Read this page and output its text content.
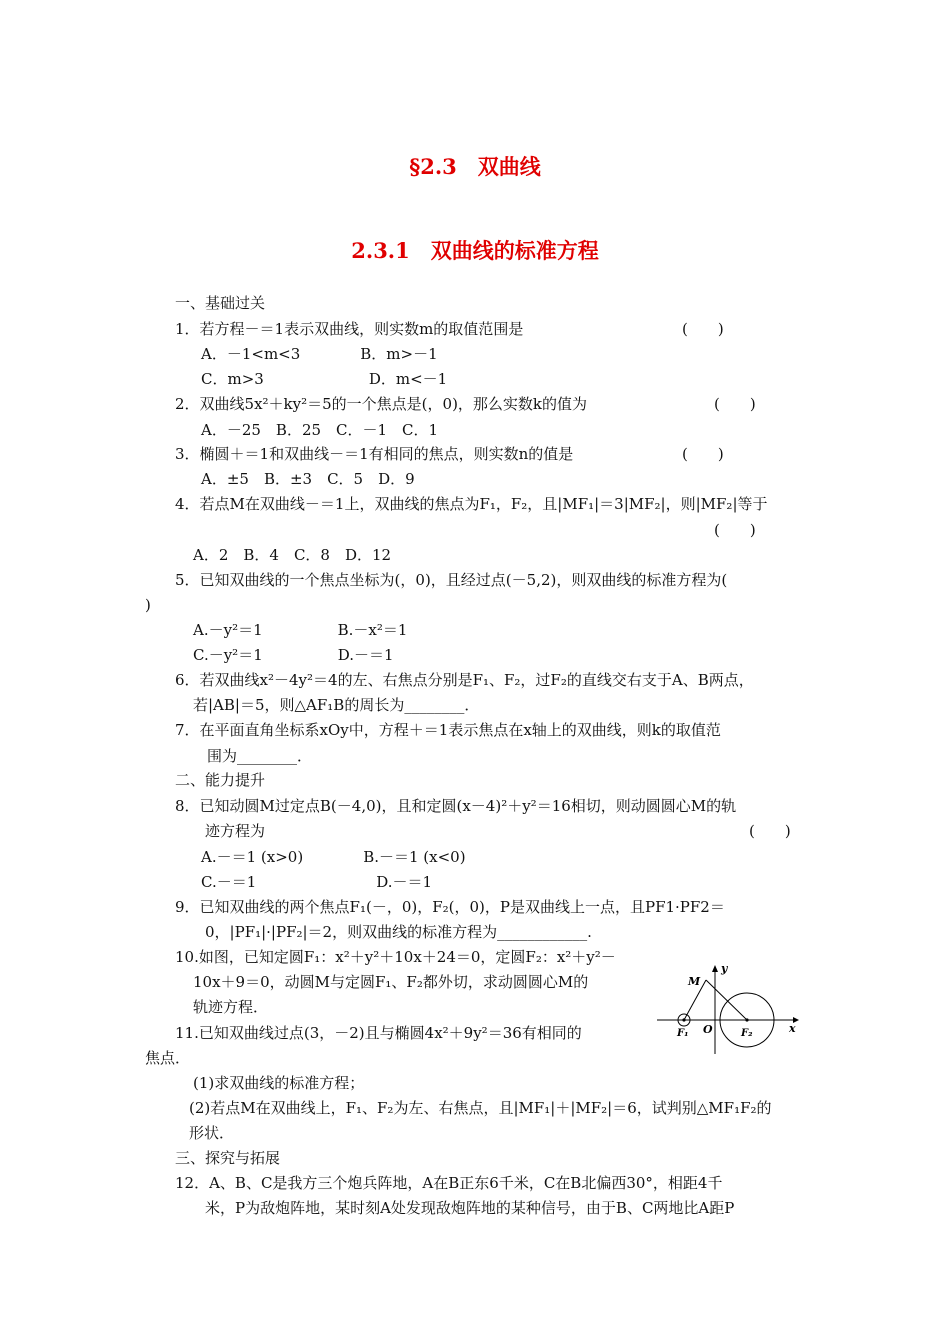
§2.3　双曲线
2.3.1　双曲线的标准方程
一、基础过关
1．若方程－＝1表示双曲线，则实数m的取值范围是
A．－1<m<3　　　　B．m>－1
C．m>3　　　　　　　D．m<－1
2．双曲线5x²＋ky²＝5的一个焦点是(，0)，那么实数k的值为
A．－25　B．25　C．－1　C．1
3．椭圆＋＝1和双曲线－＝1有相同的焦点，则实数n的值是
A．±5　B．±3　C．5　D．9
4．若点M在双曲线－＝1上，双曲线的焦点为F₁，F₂，且|MF₁|＝3|MF₂|，则|MF₂|等于
A．2　B．4　C．8　D．12
5．已知双曲线的一个焦点坐标为(，0)，且经过点(－5,2)，则双曲线的标准方程为(
)
A.－y²＝1　　　　　B.－x²＝1
C.－y²＝1　　　　　D.－＝1
6．若双曲线x²－4y²＝4的左、右焦点分别是F₁、F₂，过F₂的直线交右支于A、B两点，
若|AB|＝5，则△AF₁B的周长为________．
7．在平面直角坐标系xOy中，方程＋＝1表示焦点在x轴上的双曲线，则k的取值范
围为________．
二、能力提升
8．已知动圆M过定点B(－4,0)，且和定圆(x－4)²＋y²＝16相切，则动圆圆心M的轨
迹方程为
A.－＝1 (x>0)　　　　B.－＝1 (x<0)
C.－＝1　　　　　　　　D.－＝1
9．已知双曲线的两个焦点F₁(－，0)，F₂(，0)，P是双曲线上一点，且PF1·PF2＝
0，|PF₁|·|PF₂|＝2，则双曲线的标准方程为____________.
10.如图，已知定圆F₁：x²＋y²＋10x＋24＝0，定圆F₂：x²＋y²－
10x＋9＝0，动圆M与定圆F₁、F₂都外切，求动圆圆心M的
轨迹方程．
11.已知双曲线过点(3，－2)且与椭圆4x²＋9y²＝36有相同的
焦点．
(1)求双曲线的标准方程；
(2)若点M在双曲线上，F₁、F₂为左、右焦点，且|MF₁|＋|MF₂|＝6，试判别△MF₁F₂的
形状．
三、探究与拓展
12．A、B、C是我方三个炮兵阵地，A在B正东6千米，C在B北偏西30°，相距4千
米，P为敌炮阵地，某时刻A处发现敌炮阵地的某种信号，由于B、C两地比A距P
(　　)
(　　)
(　　)
(　　)
(　　)
y
x
M
O
F₁	F₂
